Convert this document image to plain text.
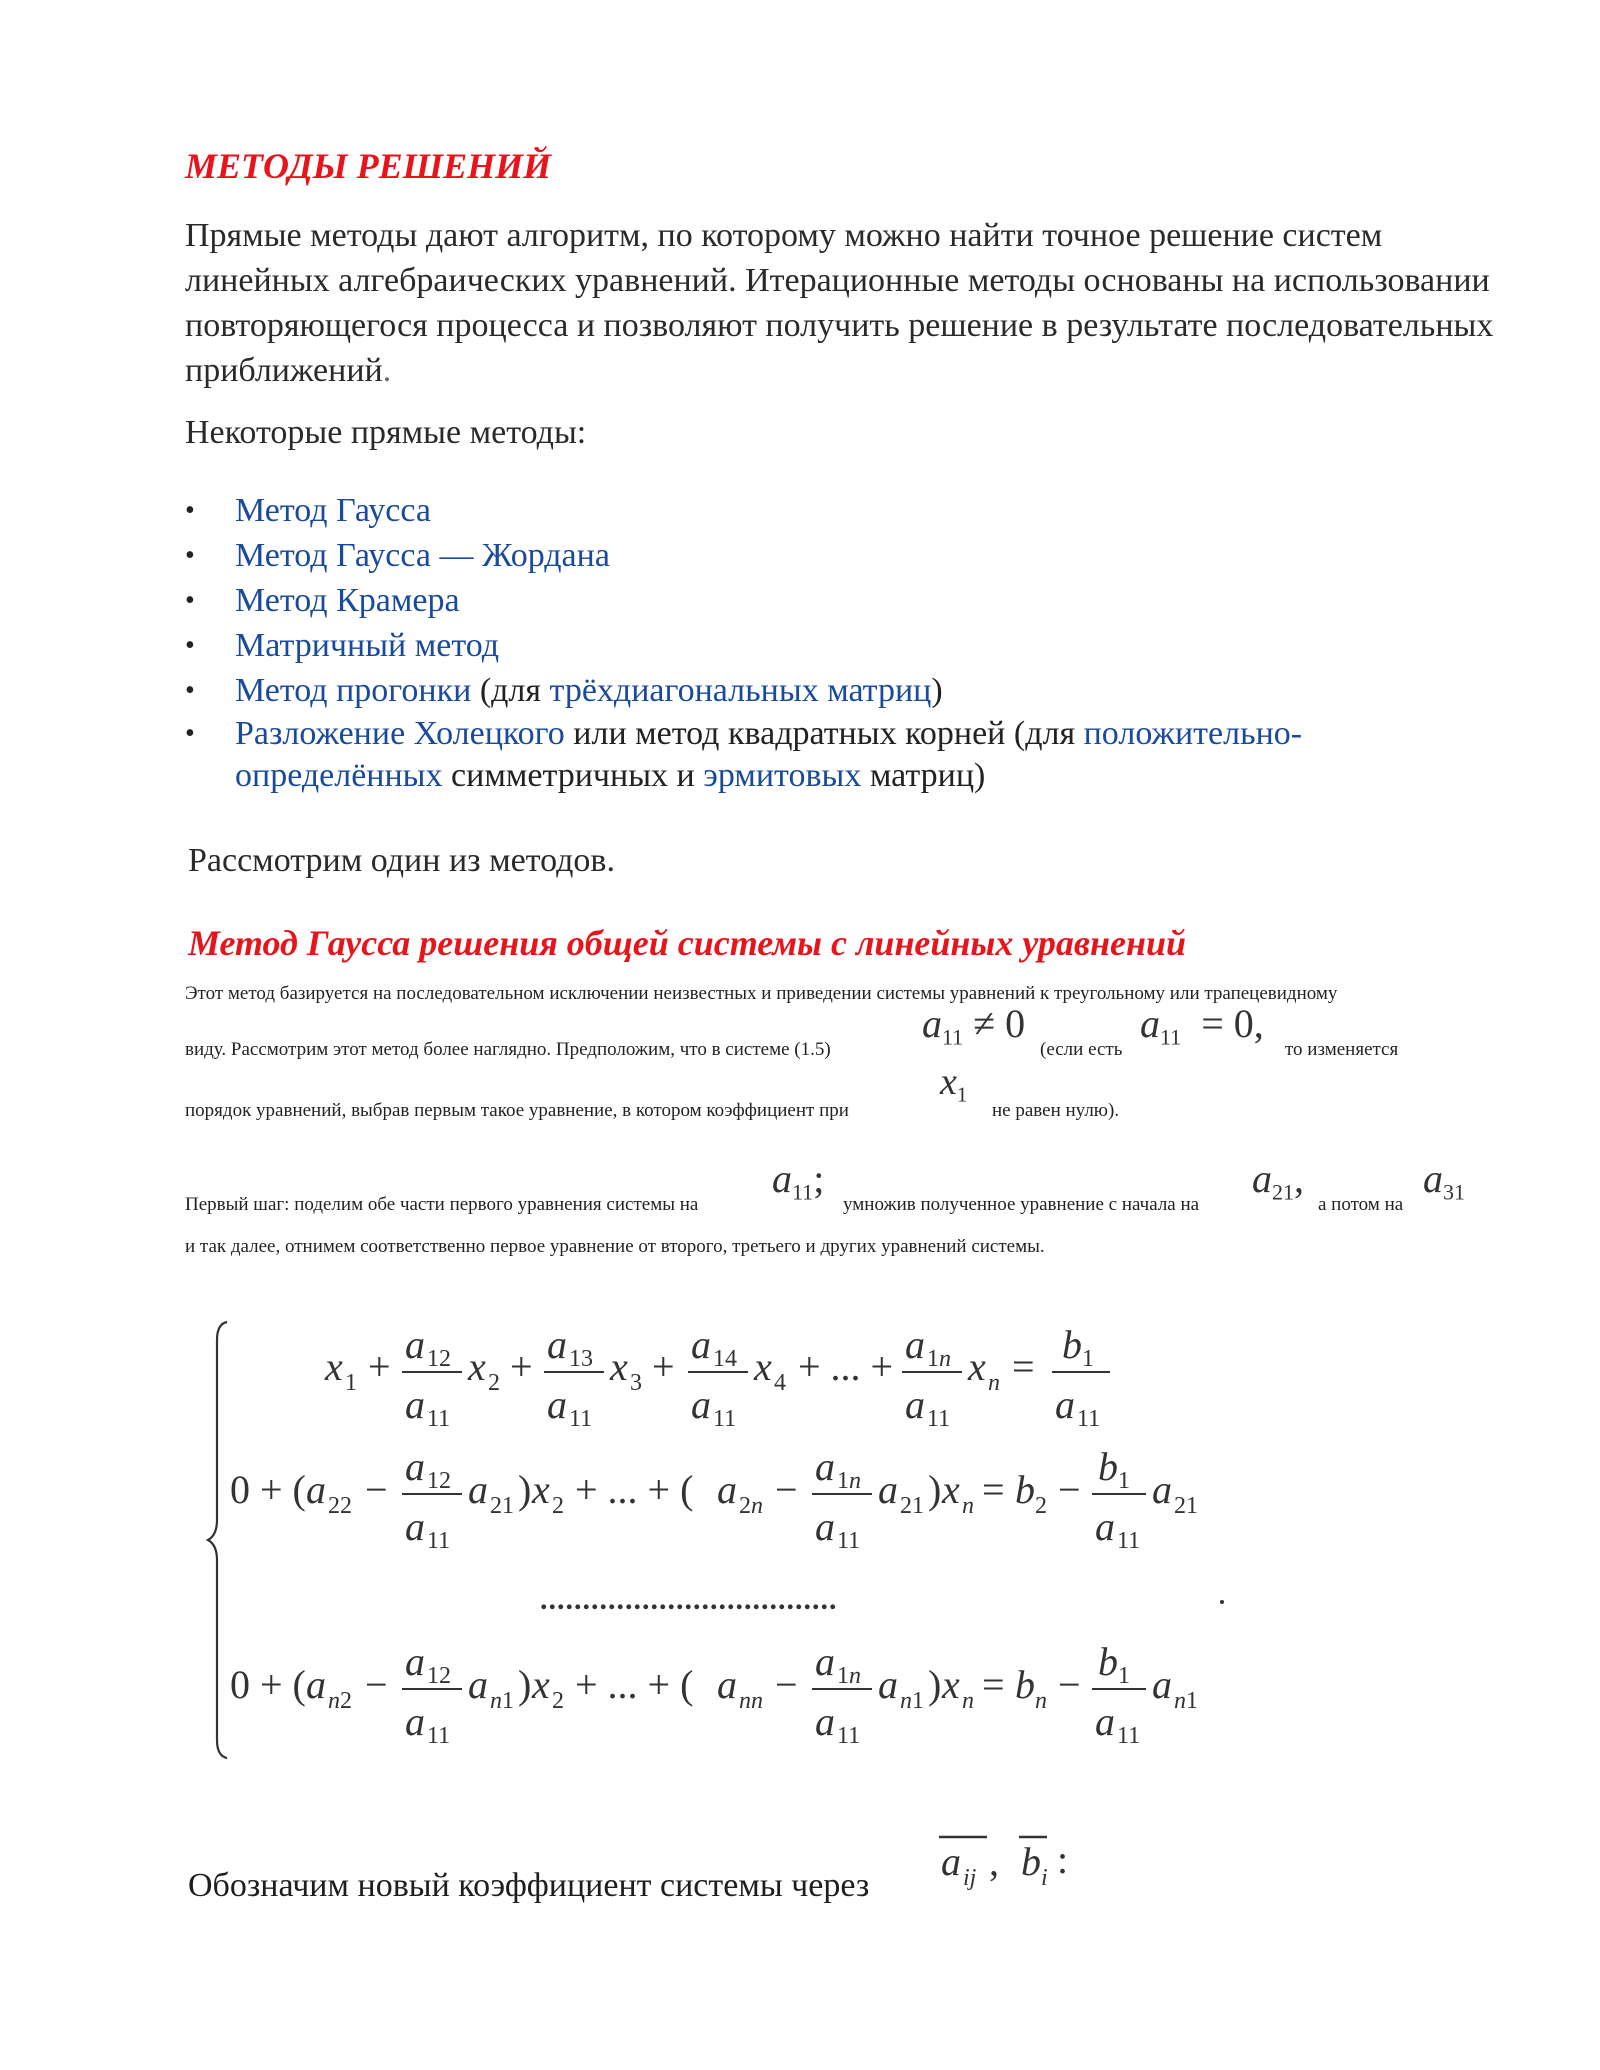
МЕТОДЫ РЕШЕНИЙ
Прямые методы дают алгоритм, по которому можно найти точное решение систем линейных алгебраических уравнений. Итерационные методы основаны на использовании повторяющегося процесса и позволяют получить решение в результате последовательных приближений.
Некоторые прямые методы:
• Метод Гаусса
• Метод Гаусса — Жордана
• Метод Крамера
• Матричный метод
• Метод прогонки (для трёхдиагональных матриц)
• Разложение Холецкого или метод квадратных корней (для положительно-
определённых симметричных и эрмитовых матриц)
Рассмотрим один из методов.
Метод Гаусса решения общей системы с линейных уравнений
Этот метод базируется на последовательном исключении неизвестных и приведении системы уравнений к треугольному или трапецевидному
виду. Рассмотрим этот метод более наглядно. Предположим, что в системе (1.5)
$a_{11} \ne 0$
(если есть
$a_{11} = 0$,
то изменяется
порядок уравнений, выбрав первым такое уравнение, в котором коэффициент при
$x_1$
не равен нулю).
Первый шаг: поделим обе части первого уравнения системы на
$a_{11}$;
умножив полученное уравнение с начала на
$a_{21}$,
а потом на
$a_{31}$
и так далее, отнимем соответственно первое уравнение от второго, третьего и других уравнений системы.
x 1 + a 12
a 11
x 2 + a 13
a 11
x 3 + a 14
a 11
x 4 + ... + a 1 n
a 11
x n = b 1
a 11
0 + ( a 22 −
a 12
a 11
a 21 ) x 2 + ... + ( a 2 n −
a 1 n
a 11
a 21 ) x n = b 2 −
b 1
a 11
a 21
0 + ( a n 2 −
a 12
a 11
a n 1 ) x 2 + ... + ( a nn −
a 1 n
a 11
a n 1 ) x n = b n −
b 1
a 11
a n 1
...................................
Обозначим новый коэффициент системы через
a ij , b i :
